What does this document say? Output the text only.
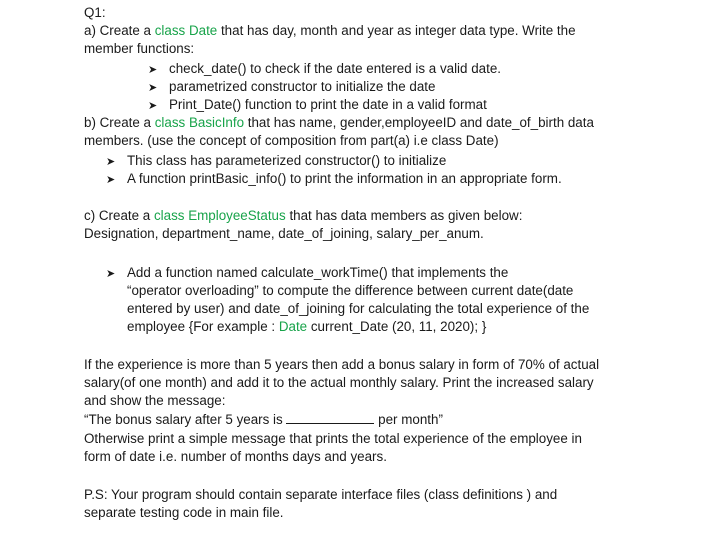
Q1:
a) Create a class Date that has day, month and year as integer data type. Write the
member functions:
➤ check_date() to check if the date entered is a valid date.
➤ parametrized constructor to initialize the date
➤ Print_Date() function to print the date in a valid format
b) Create a class BasicInfo that has name, gender,employeeID and date_of_birth data
members. (use the concept of composition from part(a) i.e class Date)
➤ This class has parameterized constructor() to initialize
➤ A function printBasic_info() to print the information in an appropriate form.
c) Create a class EmployeeStatus that has data members as given below:
Designation, department_name, date_of_joining, salary_per_anum.
➤ Add a function named calculate_workTime() that implements the
“operator overloading” to compute the difference between current date(date
entered by user) and date_of_joining for calculating the total experience of the
employee {For example : Date current_Date (20, 11, 2020); }
If the experience is more than 5 years then add a bonus salary in form of 70% of actual
salary(of one month) and add it to the actual monthly salary. Print the increased salary
and show the message:
“The bonus salary after 5 years is	per month”
Otherwise print a simple message that prints the total experience of the employee in
form of date i.e. number of months days and years.
P.S: Your program should contain separate interface files (class definitions ) and
separate testing code in main file.
